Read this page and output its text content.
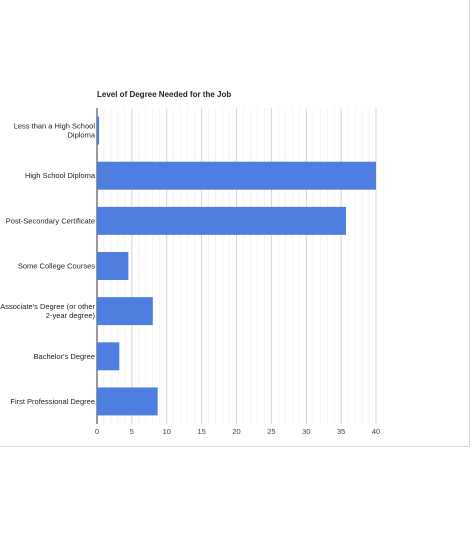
Less than a High School Diploma
High School Diploma
Post-Secondary Certificate
Some College Courses
Associate's Degree (or other 2-year degree)
Bachelor's Degree
First Professional Degree
0	5	10	15	20	25	30	35	40
Level of Degree Needed for the Job
